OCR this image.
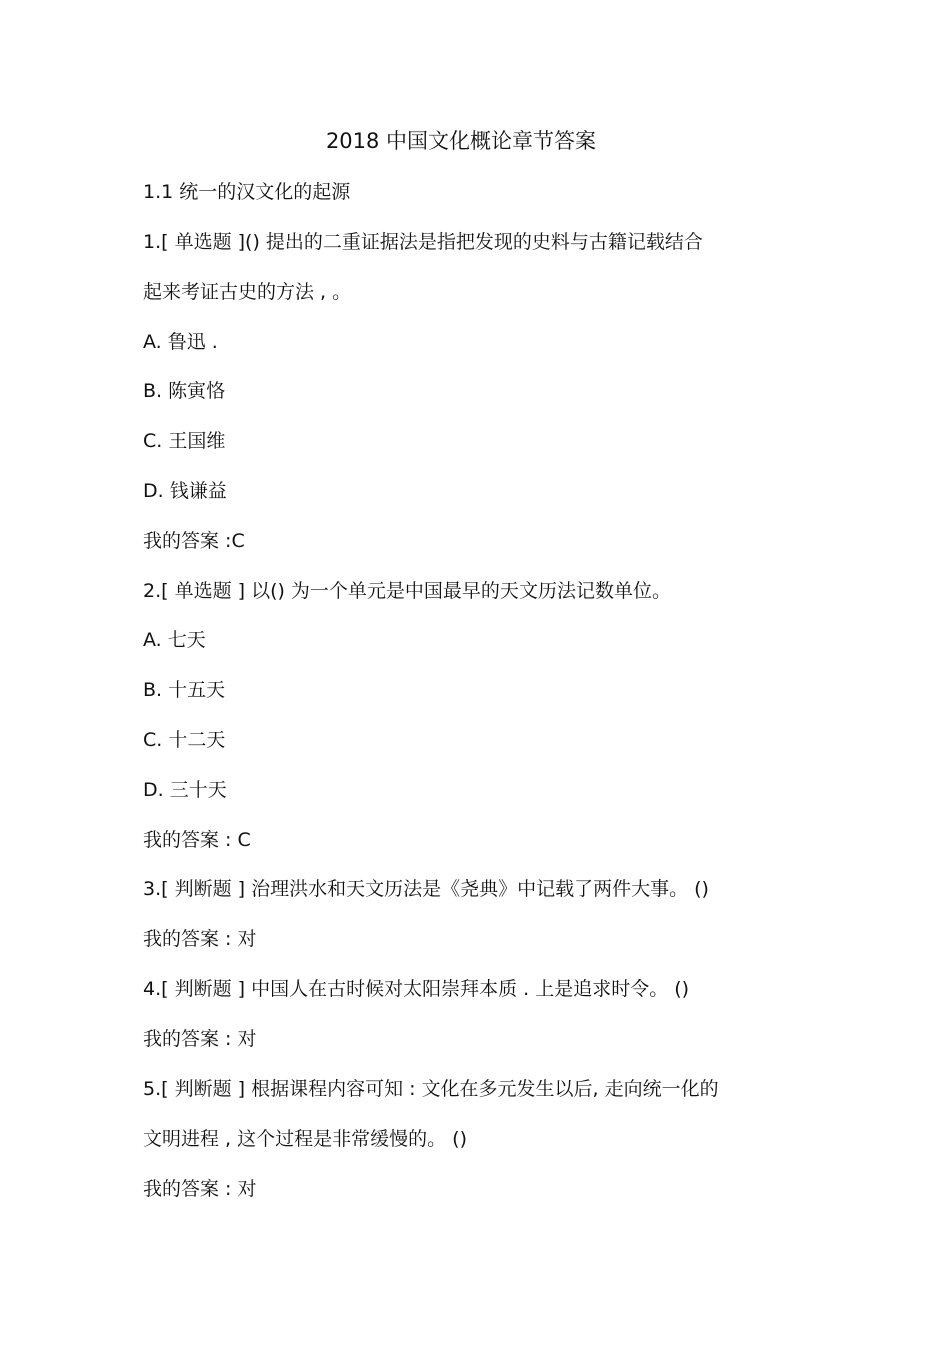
2018 中国文化概论章节答案
1.1 统一的汉文化的起源
1.[ 单选题 ]() 提出的二重证据法是指把发现的史料与古籍记载结合
起来考证古史的方法 , 。
A. 鲁迅 .
B. 陈寅恪
C. 王国维
D. 钱谦益
我的答案 :C
2.[ 单选题 ] 以() 为一个单元是中国最早的天文历法记数单位。
A. 七天
B. 十五天
C. 十二天
D. 三十天
我的答案 : C
3.[ 判断题 ] 治理洪水和天文历法是《尧典》中记载了两件大事。 ()
我的答案 : 对
4.[ 判断题 ] 中国人在古时候对太阳崇拜本质 . 上是追求时令。 ()
我的答案 : 对
5.[ 判断题 ] 根据课程内容可知 : 文化在多元发生以后, 走向统一化的
文明进程 , 这个过程是非常缓慢的。 ()
我的答案 : 对
